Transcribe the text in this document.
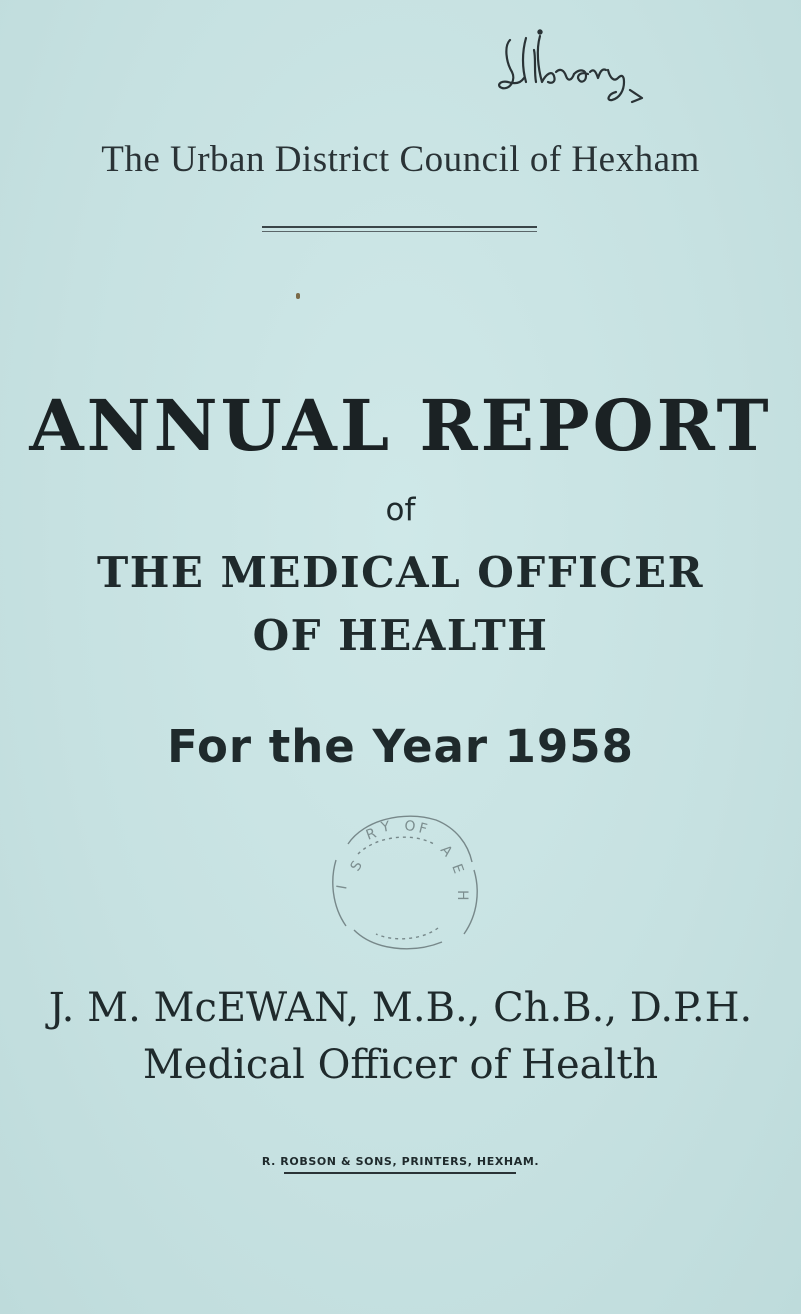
The Urban District Council of Hexham
ANNUAL REPORT
of
THE MEDICAL OFFICER
OF HEALTH
For the Year 1958
R Y O F
A
E
H
S
I
J. M. McEWAN, M.B., Ch.B., D.P.H.
Medical Officer of Health
R. ROBSON & SONS, PRINTERS, HEXHAM.
